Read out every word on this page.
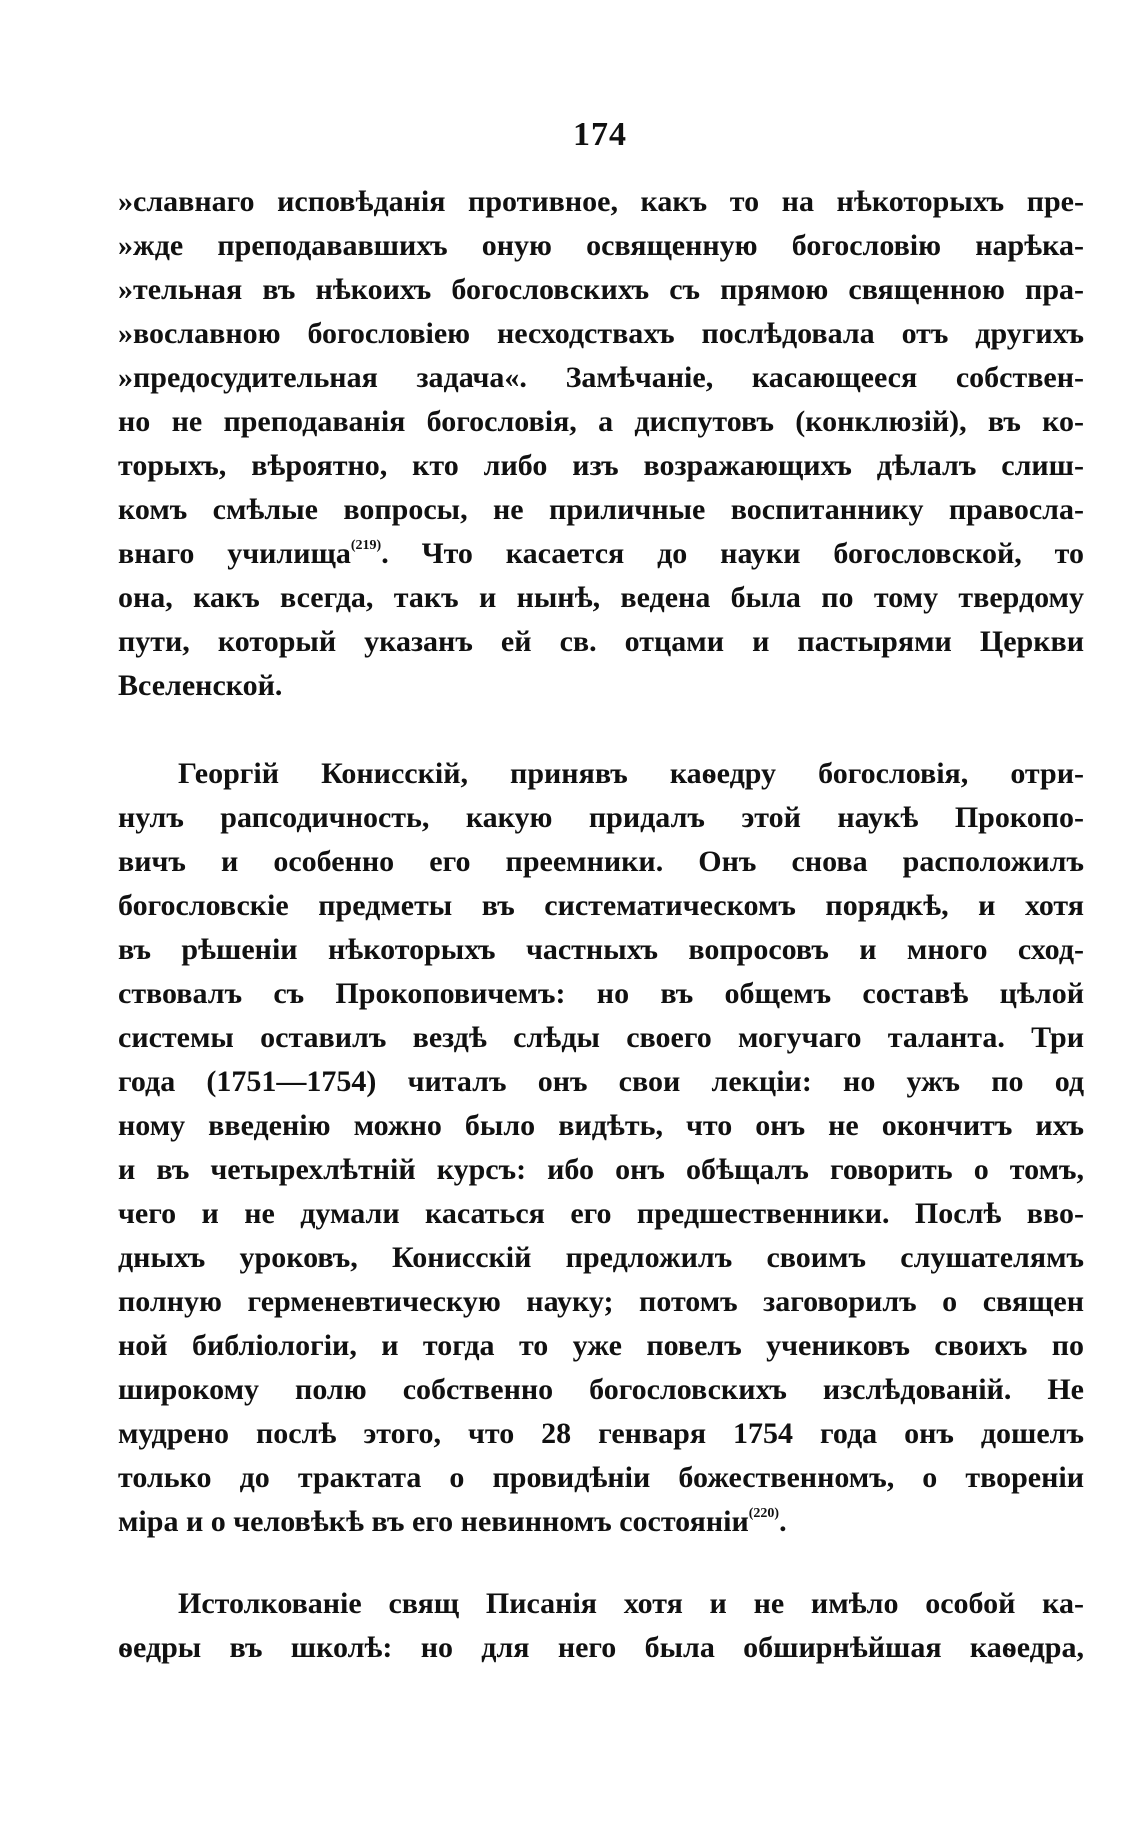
174
»славнаго исповѣданія противное, какъ то на нѣкоторыхъ пре-
»жде преподававшихъ оную освященную богословію нарѣка-
»тельная въ нѣкоихъ богословскихъ съ прямою священною пра-
»вославною богословіею несходствахъ послѣдовала отъ другихъ
»предосудительная задача«. Замѣчаніе, касающееся собствен-
но не преподаванія богословія, а диспутовъ (конклюзій), въ ко-
торыхъ, вѣроятно, кто либо изъ возражающихъ дѣлалъ слиш-
комъ смѣлые вопросы, не приличные воспитаннику правосла-
внаго училища$^{(219)}$. Что касается до науки богословской, то
она, какъ всегда, такъ и нынѣ, ведена была по тому твердому
пути, который указанъ ей св. отцами и пастырями Церкви
Вселенской.
Георгій Конисскій, принявъ каѳедру богословія, отри-
нулъ рапсодичность, какую придалъ этой наукѣ Прокопо-
вичъ и особенно его преемники. Онъ снова расположилъ
богословскіе предметы въ систематическомъ порядкѣ, и хотя
въ рѣшеніи нѣкоторыхъ частныхъ вопросовъ и много сход-
ствовалъ съ Прокоповичемъ: но въ общемъ составѣ цѣлой
системы оставилъ вездѣ слѣды своего могучаго таланта. Три
года (1751—1754) читалъ онъ свои лекціи: но ужъ по од
ному введенію можно было видѣть, что онъ не окончитъ ихъ
и въ четырехлѣтній курсъ: ибо онъ обѣщалъ говорить о томъ,
чего и не думали касаться его предшественники. Послѣ вво-
дныхъ уроковъ, Конисскій предложилъ своимъ слушателямъ
полную герменевтическую науку; потомъ заговорилъ о священ
ной библіологіи, и тогда то уже повелъ учениковъ своихъ по
широкому полю собственно богословскихъ изслѣдованій. Не
мудрено послѣ этого, что 28 генваря 1754 года онъ дошелъ
только до трактата о провидѣніи божественномъ, о твореніи
міра и о человѣкѣ въ его невинномъ состояніи$^{(220)}$.
Истолкованіе свящ Писанія хотя и не имѣло особой ка-
ѳедры въ школѣ: но для него была обширнѣйшая каѳедра,
